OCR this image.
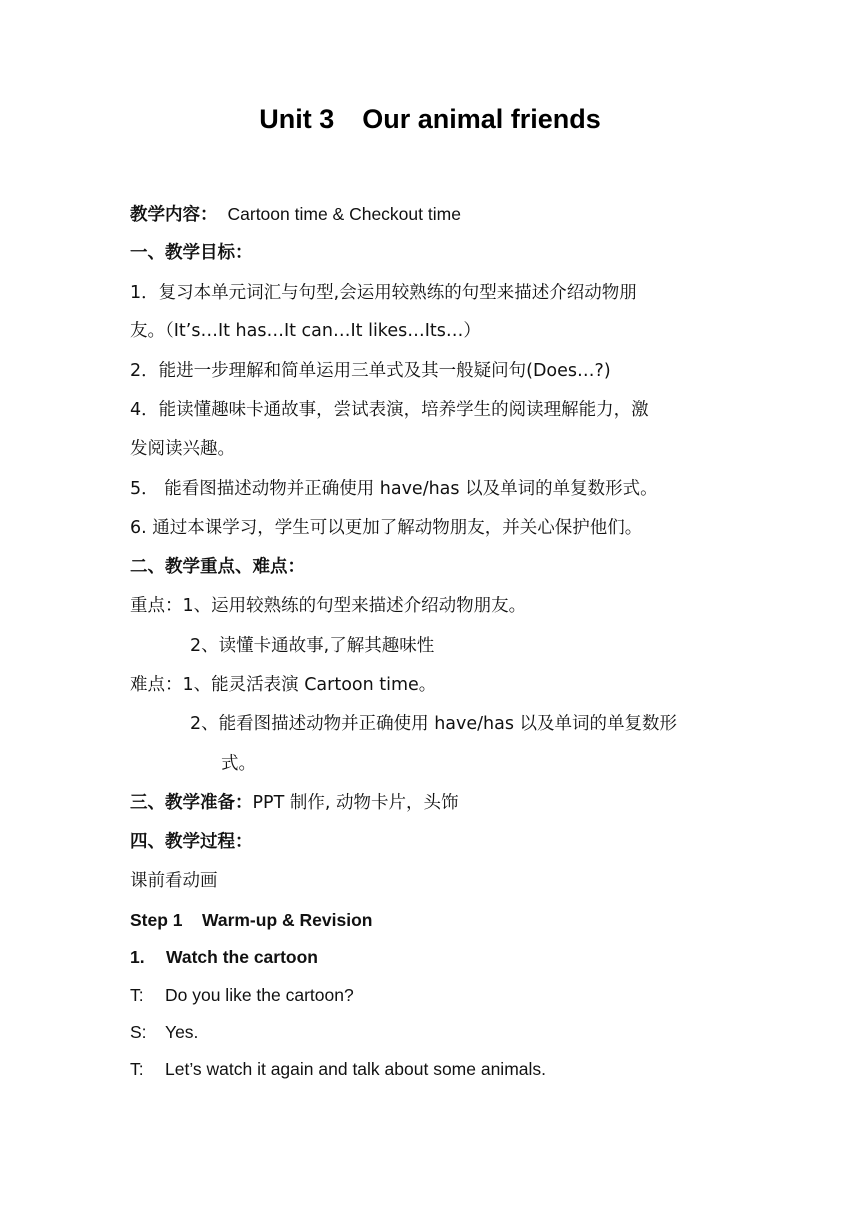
Unit 3 Our animal friends
教学内容： Cartoon time & Checkout time
一、教学目标：
1．复习本单元词汇与句型,会运用较熟练的句型来描述介绍动物朋
友。（It’s…It has…It can…It likes…Its…）
2．能进一步理解和简单运用三单式及其一般疑问句(Does…?)
4．能读懂趣味卡通故事，尝试表演，培养学生的阅读理解能力，激
发阅读兴趣。
5． 能看图描述动物并正确使用 have/has 以及单词的单复数形式。
6. 通过本课学习，学生可以更加了解动物朋友，并关心保护他们。
二、教学重点、难点：
重点：1、运用较熟练的句型来描述介绍动物朋友。
2、读懂卡通故事,了解其趣味性
难点：1、能灵活表演 Cartoon time。
2、能看图描述动物并正确使用 have/has 以及单词的单复数形
式。
三、教学准备：PPT 制作, 动物卡片，头饰
四、教学过程：
课前看动画
Step 1    Warm-up & Revision
1. Watch the cartoon
T: Do you like the cartoon?
S: Yes.
T: Let’s watch it again and talk about some animals.
